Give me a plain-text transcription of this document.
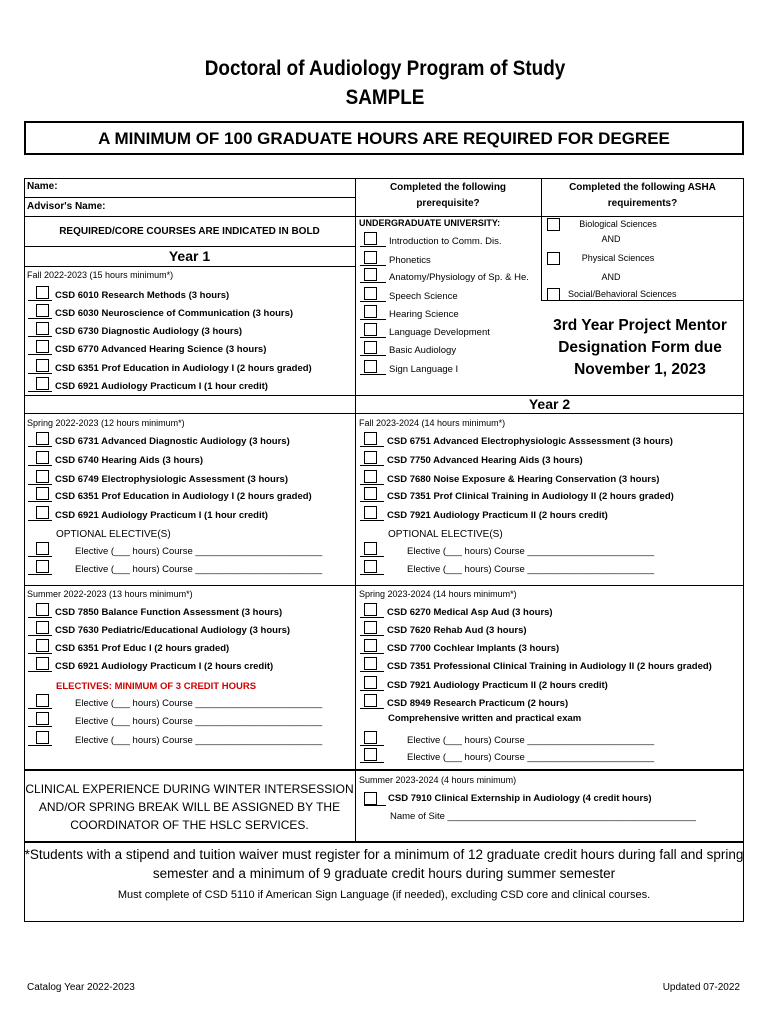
Doctoral of Audiology Program of Study
SAMPLE
A MINIMUM OF 100 GRADUATE HOURS ARE REQUIRED FOR DEGREE
Name:
Advisor's Name:
REQUIRED/CORE COURSES ARE INDICATED IN BOLD
Year 1
Completed the following
prerequisite?
UNDERGRADUATE UNIVERSITY:
Introduction to Comm. Dis.
Phonetics
Anatomy/Physiology of Sp. & He.
Speech Science
Hearing Science
Language Development
Basic Audiology
Sign Language I
Completed the following ASHA
requirements?
Biological Sciences
AND
Physical Sciences
AND
Social/Behavioral Sciences
3rd Year Project Mentor
Designation Form due
November 1, 2023
Year 2
Fall 2022-2023 (15 hours minimum*)
CSD 6010 Research Methods (3 hours)
CSD 6030 Neuroscience of Communication (3 hours)
CSD 6730 Diagnostic Audiology (3 hours)
CSD 6770 Advanced Hearing Science (3 hours)
CSD 6351 Prof Education in Audiology I (2 hours graded)
CSD 6921 Audiology Practicum I (1 hour credit)
Spring 2022-2023 (12 hours minimum*)
CSD 6731 Advanced Diagnostic Audiology (3 hours)
CSD 6740 Hearing Aids (3 hours)
CSD 6749 Electrophysiologic Assessment (3 hours)
CSD 6351 Prof Education in Audiology I (2 hours graded)
CSD 6921 Audiology Practicum I (1 hour credit)
Elective (___ hours) Course ________________________
Elective (___ hours) Course ________________________
OPTIONAL ELECTIVE(S)
Fall 2023-2024 (14 hours minimum*)
CSD 6751 Advanced Electrophysiologic Asssessment (3 hours)
CSD 7750 Advanced Hearing Aids (3 hours)
CSD 7680 Noise Exposure & Hearing Conservation (3 hours)
CSD 7351 Prof Clinical Training in Audiology II (2 hours graded)
CSD 7921 Audiology Practicum II (2 hours credit)
Elective (___ hours) Course ________________________
Elective (___ hours) Course ________________________
OPTIONAL ELECTIVE(S)
Summer 2022-2023 (13 hours minimum*)
CSD 7850 Balance Function Assessment (3 hours)
CSD 7630 Pediatric/Educational Audiology (3 hours)
CSD 6351 Prof Educ I (2 hours graded)
CSD 6921 Audiology Practicum I (2 hours credit)
Elective (___ hours) Course ________________________
Elective (___ hours) Course ________________________
Elective (___ hours) Course ________________________
ELECTIVES: MINIMUM OF 3 CREDIT HOURS
Spring 2023-2024 (14 hours minimum*)
CSD 6270 Medical Asp Aud (3 hours)
CSD 7620 Rehab Aud (3 hours)
CSD 7700 Cochlear Implants (3 hours)
CSD 7351 Professional Clinical Training in Audiology II (2 hours graded)
CSD 7921 Audiology Practicum II (2 hours credit)
CSD 8949 Research Practicum (2 hours)
Elective (___ hours) Course ________________________
Elective (___ hours) Course ________________________
Comprehensive written and practical exam
CLINICAL EXPERIENCE DURING WINTER INTERSESSION
AND/OR SPRING BREAK WILL BE ASSIGNED BY THE
COORDINATOR OF THE HSLC SERVICES.
Summer 2023-2024 (4 hours minimum)
CSD 7910 Clinical Externship in Audiology (4 credit hours)
Name of Site _______________________________________________
*Students with a stipend and tuition waiver must register for a minimum of 12 graduate credit hours during fall and spring
semester and a minimum of 9 graduate credit hours during summer semester
Must complete of CSD 5110 if American Sign Language (if needed), excluding CSD core and clinical courses.
Catalog Year 2022-2023	Updated 07-2022
